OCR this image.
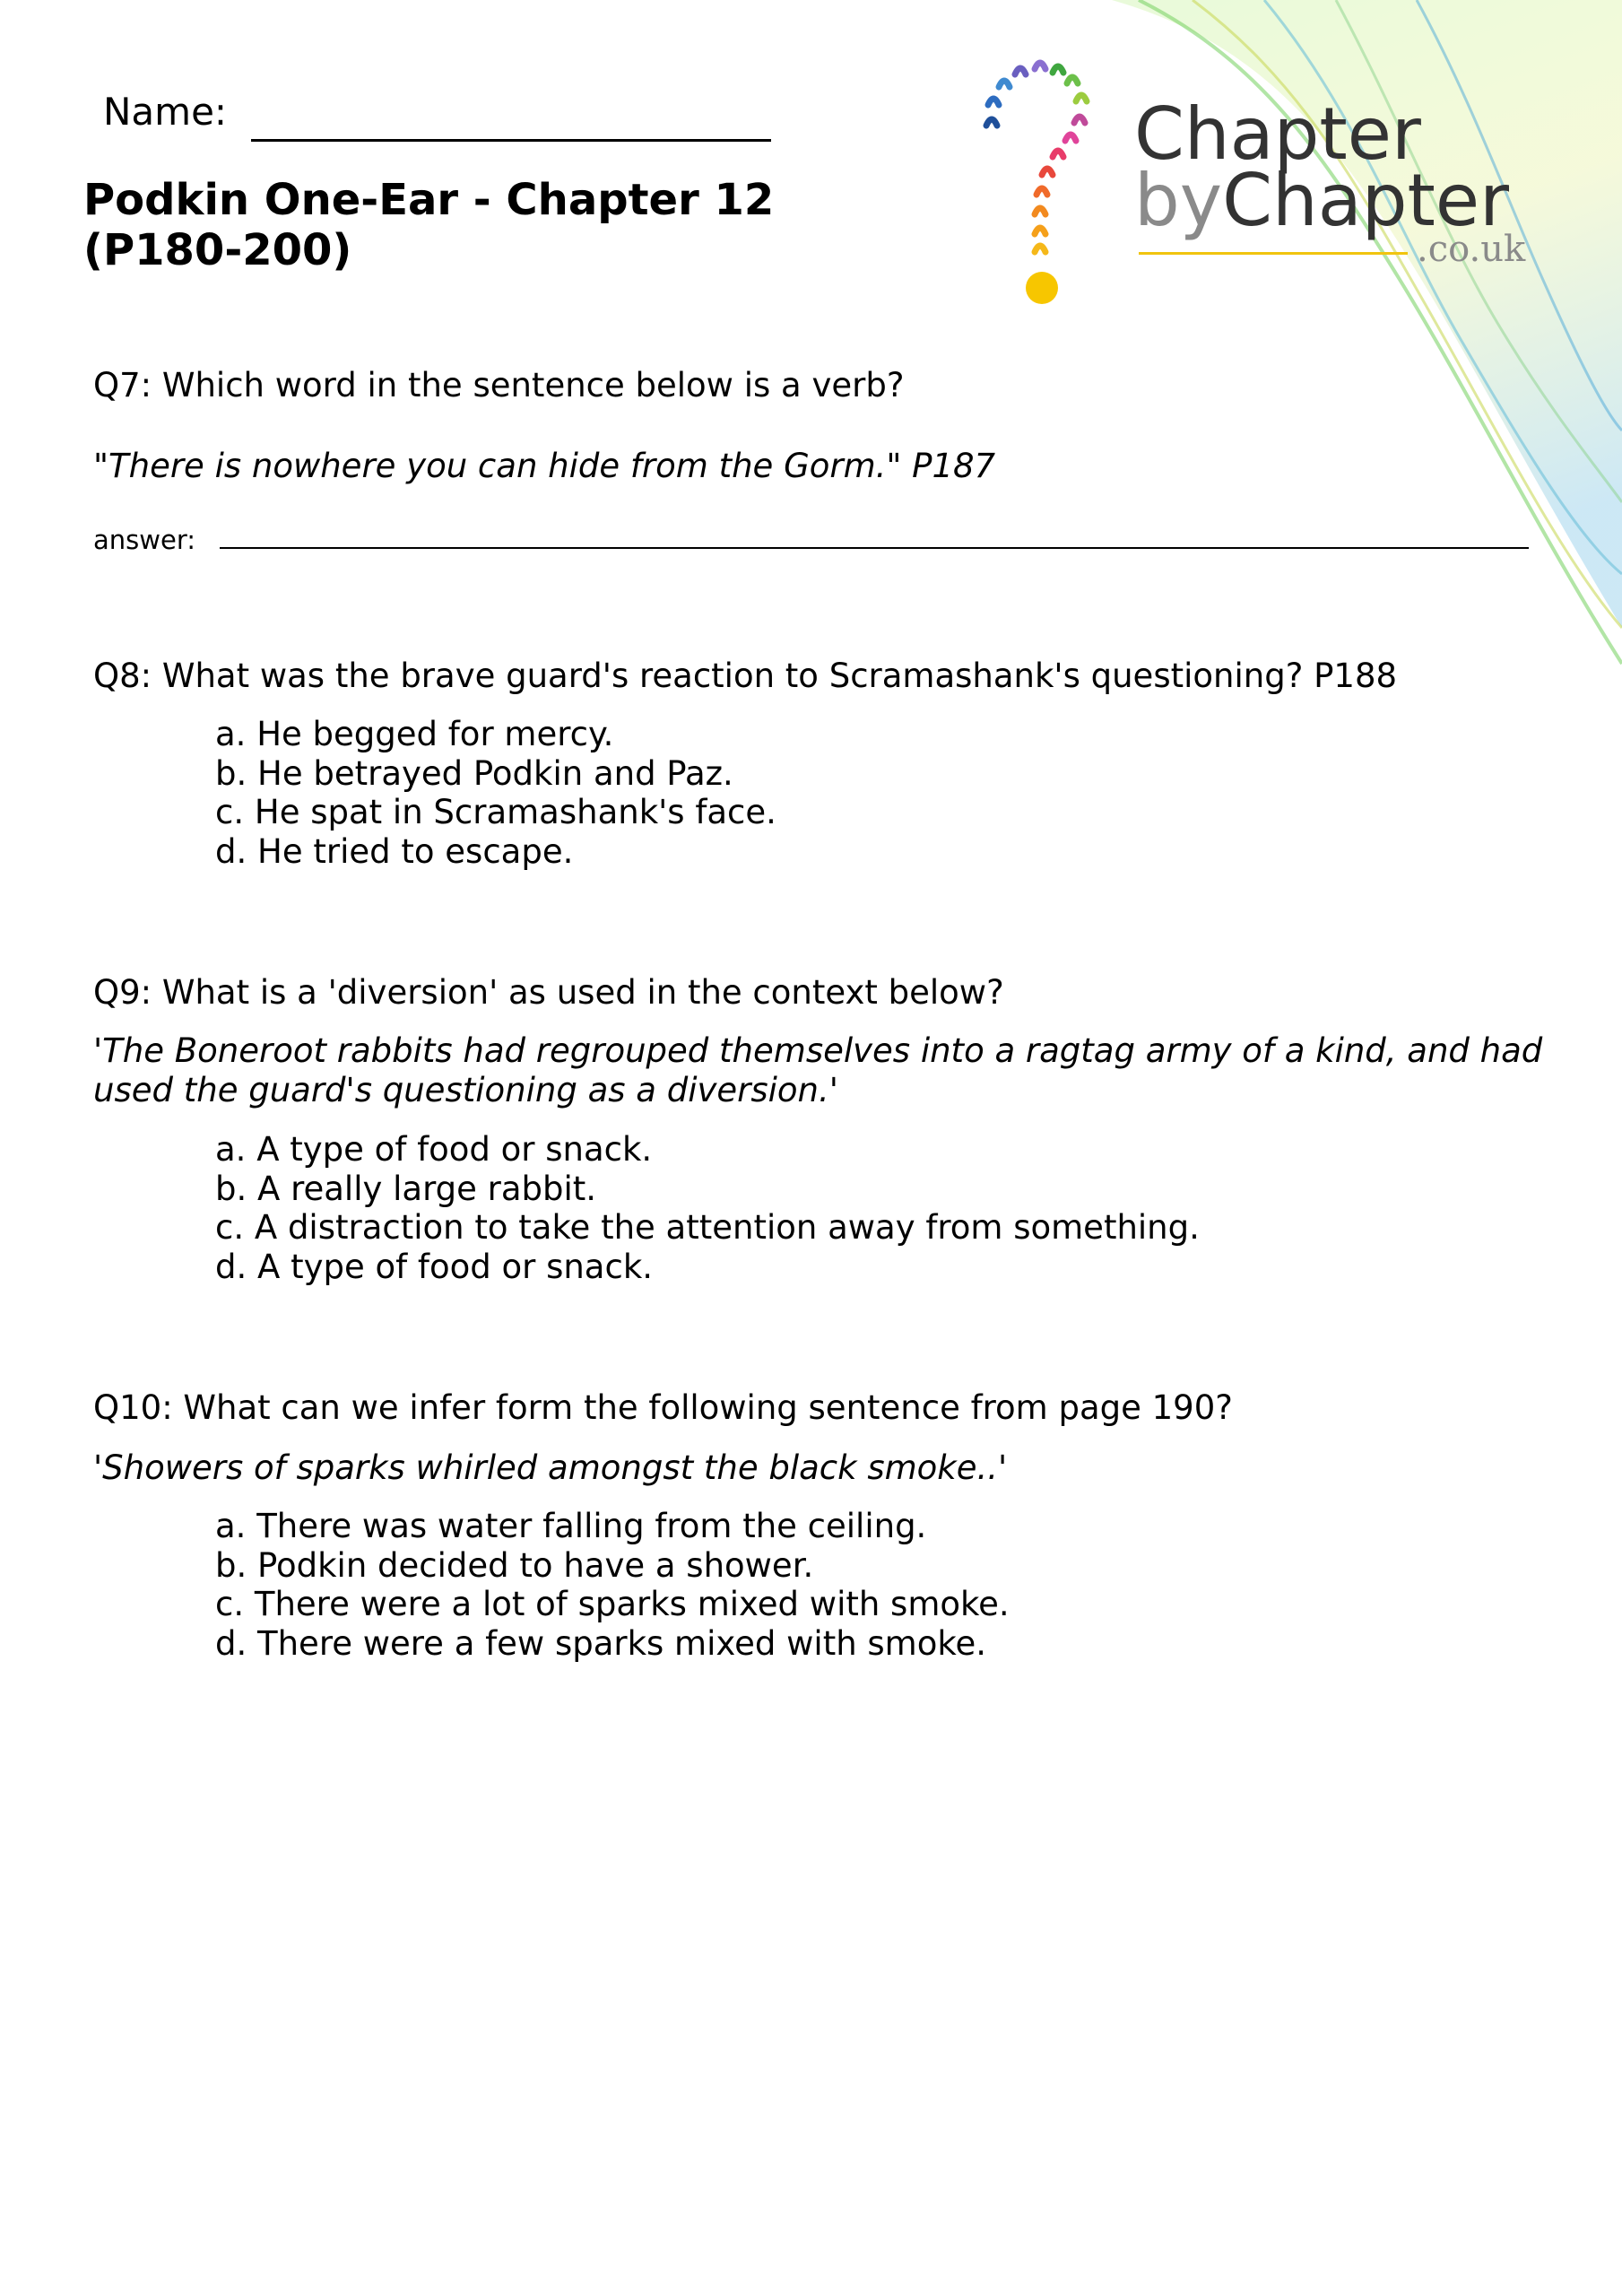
Name:
Podkin One-Ear - Chapter 12 (P180-200)
Chapter
byChapter
.co.uk

Q7: Which word in the sentence below is a verb?

"There is nowhere you can hide from the Gorm." P187

answer:

Q8: What was the brave guard's reaction to Scramashank's questioning? P188

a. He begged for mercy.
b. He betrayed Podkin and Paz.
c. He spat in Scramashank's face.
d. He tried to escape.

Q9: What is a 'diversion' as used in the context below?

'The Boneroot rabbits had regrouped themselves into a ragtag army of a kind, and had used the guard's questioning as a diversion.'

a. A type of food or snack.
b. A really large rabbit.
c. A distraction to take the attention away from something.
d. A type of food or snack.

Q10: What can we infer form the following sentence from page 190?

'Showers of sparks whirled amongst the black smoke..'

a. There was water falling from the ceiling.
b. Podkin decided to have a shower.
c. There were a lot of sparks mixed with smoke.
d. There were a few sparks mixed with smoke.
